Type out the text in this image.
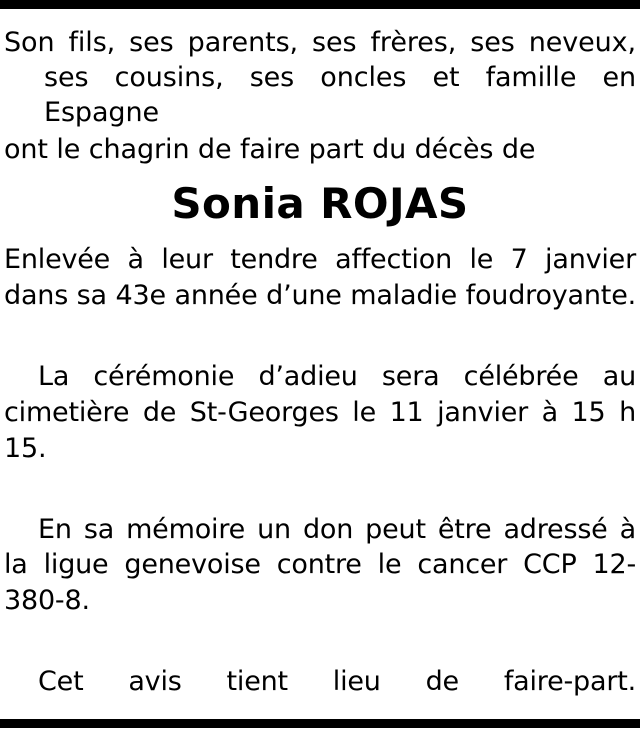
Son fils, ses parents, ses frères, ses neveux, ses cousins, ses oncles et famille en Espagne

ont le chagrin de faire part du décès de

Sonia ROJAS

Enlevée à leur tendre affection le 7 janvier dans sa 43e année d’une maladie foudroyante.

La cérémonie d’adieu sera célébrée au cimetière de St-Georges le 11 janvier à 15 h 15.

En sa mémoire un don peut être adressé à la ligue genevoise contre le cancer CCP 12-380-8.

Cet avis tient lieu de faire-part.
